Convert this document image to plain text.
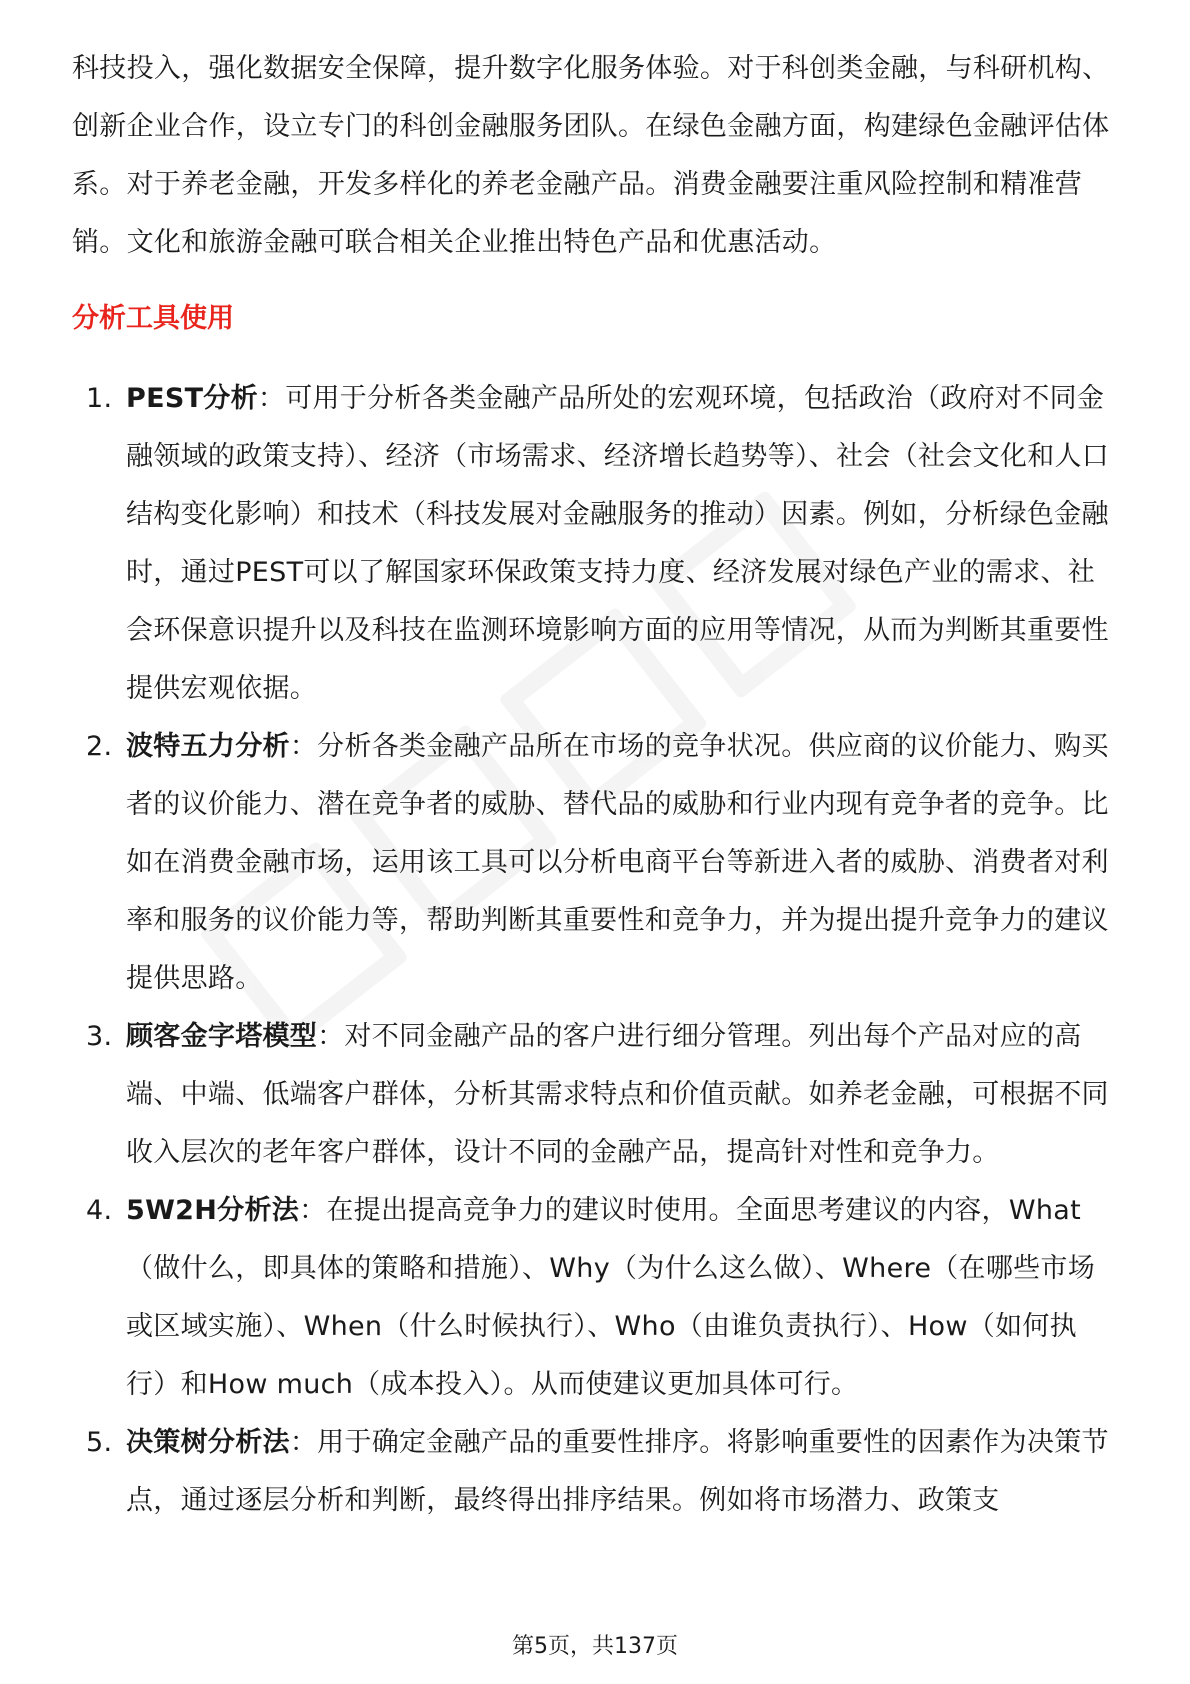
科技投入，强化数据安全保障，提升数字化服务体验。对于科创类金融，与科研机构、创新企业合作，设立专门的科创金融服务团队。在绿色金融方面，构建绿色金融评估体系。对于养老金融，开发多样化的养老金融产品。消费金融要注重风险控制和精准营销。文化和旅游金融可联合相关企业推出特色产品和优惠活动。

分析工具使用
1. PEST分析：可用于分析各类金融产品所处的宏观环境，包括政治（政府对不同金融领域的政策支持）、经济（市场需求、经济增长趋势等）、社会（社会文化和人口结构变化影响）和技术（科技发展对金融服务的推动）因素。例如，分析绿色金融时，通过PEST可以了解国家环保政策支持力度、经济发展对绿色产业的需求、社会环保意识提升以及科技在监测环境影响方面的应用等情况，从而为判断其重要性提供宏观依据。
2. 波特五力分析：分析各类金融产品所在市场的竞争状况。供应商的议价能力、购买者的议价能力、潜在竞争者的威胁、替代品的威胁和行业内现有竞争者的竞争。比如在消费金融市场，运用该工具可以分析电商平台等新进入者的威胁、消费者对利率和服务的议价能力等，帮助判断其重要性和竞争力，并为提出提升竞争力的建议提供思路。
3. 顾客金字塔模型：对不同金融产品的客户进行细分管理。列出每个产品对应的高端、中端、低端客户群体，分析其需求特点和价值贡献。如养老金融，可根据不同收入层次的老年客户群体，设计不同的金融产品，提高针对性和竞争力。
4. 5W2H分析法：在提出提高竞争力的建议时使用。全面思考建议的内容，What（做什么，即具体的策略和措施）、Why（为什么这么做）、Where（在哪些市场或区域实施）、When（什么时候执行）、Who（由谁负责执行）、How（如何执行）和How much（成本投入）。从而使建议更加具体可行。
5. 决策树分析法：用于确定金融产品的重要性排序。将影响重要性的因素作为决策节点，通过逐层分析和判断，最终得出排序结果。例如将市场潜力、政策支
第5页，共137页
